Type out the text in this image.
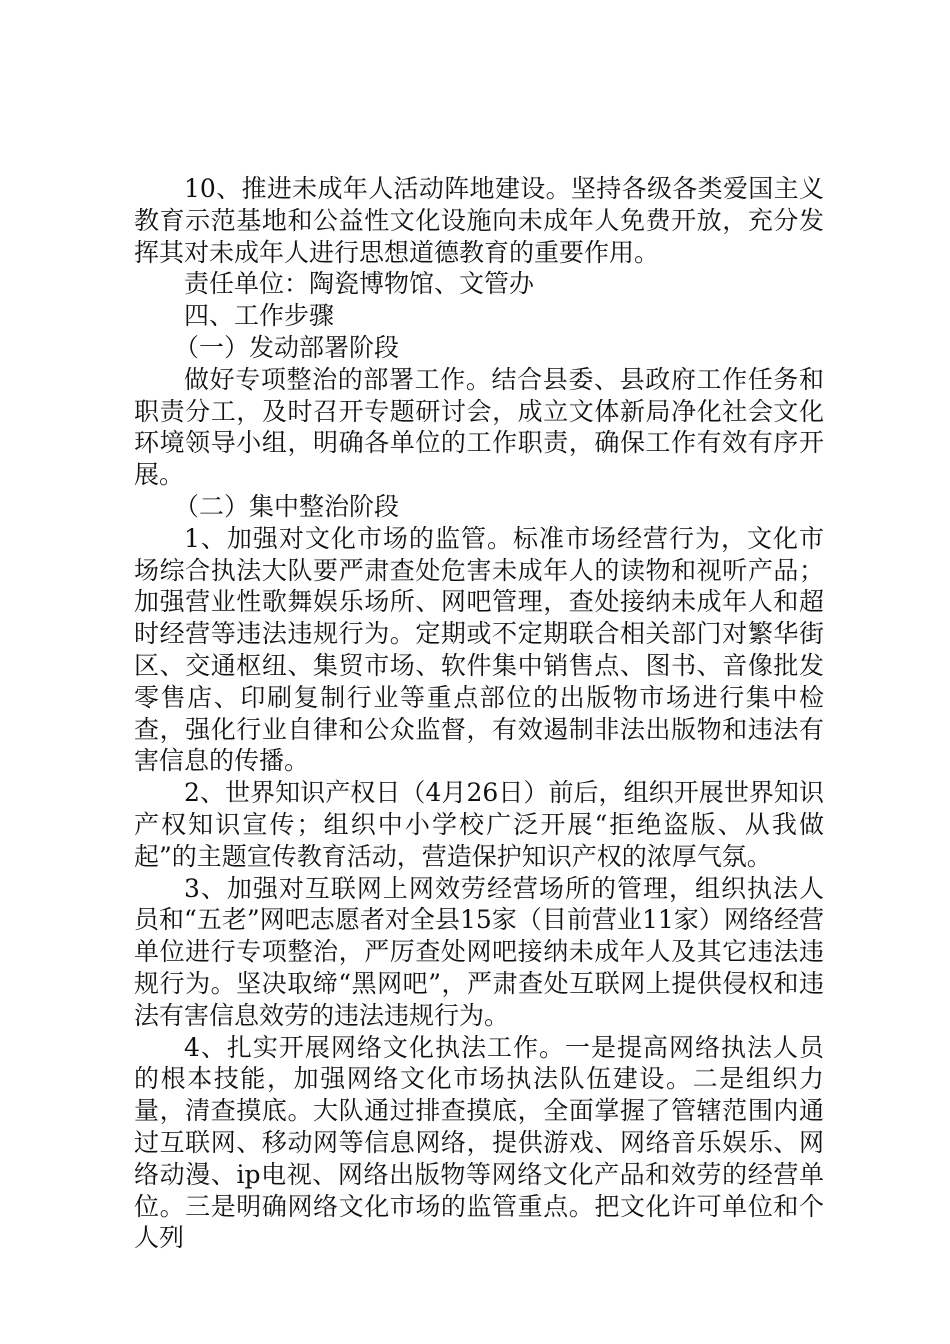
10、推进未成年人活动阵地建设。坚持各级各类爱国主义教育示范基地和公益性文化设施向未成年人免费开放，充分发挥其对未成年人进行思想道德教育的重要作用。

责任单位：陶瓷博物馆、文管办

四、工作步骤

（一）发动部署阶段

做好专项整治的部署工作。结合县委、县政府工作任务和职责分工，及时召开专题研讨会，成立文体新局净化社会文化环境领导小组，明确各单位的工作职责，确保工作有效有序开展。

（二）集中整治阶段

1、加强对文化市场的监管。标准市场经营行为，文化市场综合执法大队要严肃查处危害未成年人的读物和视听产品；加强营业性歌舞娱乐场所、网吧管理，查处接纳未成年人和超时经营等违法违规行为。定期或不定期联合相关部门对繁华街区、交通枢纽、集贸市场、软件集中销售点、图书、音像批发零售店、印刷复制行业等重点部位的出版物市场进行集中检查，强化行业自律和公众监督，有效遏制非法出版物和违法有害信息的传播。

2、世界知识产权日（4月26日）前后，组织开展世界知识产权知识宣传；组织中小学校广泛开展“拒绝盗版、从我做起”的主题宣传教育活动，营造保护知识产权的浓厚气氛。

3、加强对互联网上网效劳经营场所的管理，组织执法人员和“五老”网吧志愿者对全县15家（目前营业11家）网络经营单位进行专项整治，严厉查处网吧接纳未成年人及其它违法违规行为。坚决取缔“黑网吧”，严肃查处互联网上提供侵权和违法有害信息效劳的违法违规行为。

4、扎实开展网络文化执法工作。一是提高网络执法人员的根本技能，加强网络文化市场执法队伍建设。二是组织力量，清查摸底。大队通过排查摸底，全面掌握了管辖范围内通过互联网、移动网等信息网络，提供游戏、网络音乐娱乐、网络动漫、ip电视、网络出版物等网络文化产品和效劳的经营单位。三是明确网络文化市场的监管重点。把文化许可单位和个人列
